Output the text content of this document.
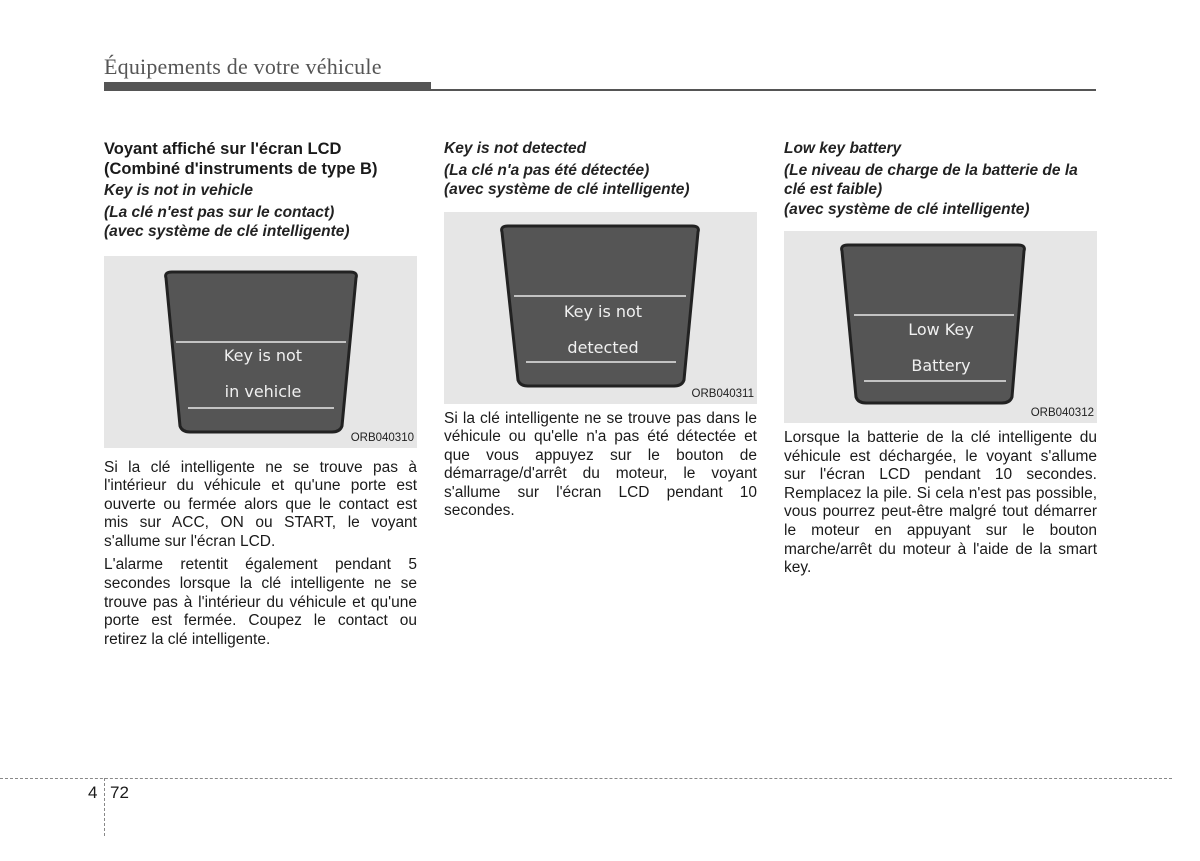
Équipements de votre véhicule
Voyant affiché sur l'écran LCD
(Combiné d'instruments de type B)
Key is not in vehicle
(La clé n'est pas sur le contact)
(avec système de clé intelligente)
Key is not
in vehicle
ORB040310

Si la clé intelligente ne se trouve pas à l'intérieur du véhicule et qu'une porte est ouverte ou fermée alors que le contact est mis sur ACC, ON ou START, le voyant s'allume sur l'écran LCD.

L'alarme retentit également pendant 5 secondes lorsque la clé intelligente ne se trouve pas à l'intérieur du véhicule et qu'une porte est fermée. Coupez le contact ou retirez la clé intelligente.

Key is not detected
(La clé n'a pas été détectée)
(avec système de clé intelligente)
Key is not
detected
ORB040311

Si la clé intelligente ne se trouve pas dans le véhicule ou qu'elle n'a pas été détectée et que vous appuyez sur le bouton de démarrage/d'arrêt du moteur, le voyant s'allume sur l'écran LCD pendant 10 secondes.

Low key battery
(Le niveau de charge de la batterie de la clé est faible)
(avec système de clé intelligente)
Low Key
Battery
ORB040312

Lorsque la batterie de la clé intelligente du véhicule est déchargée, le voyant s'allume sur l'écran LCD pendant 10 secondes. Remplacez la pile. Si cela n'est pas possible, vous pourrez peut-être malgré tout démarrer le moteur en appuyant sur le bouton marche/arrêt du moteur à l'aide de la smart key.

4 72
